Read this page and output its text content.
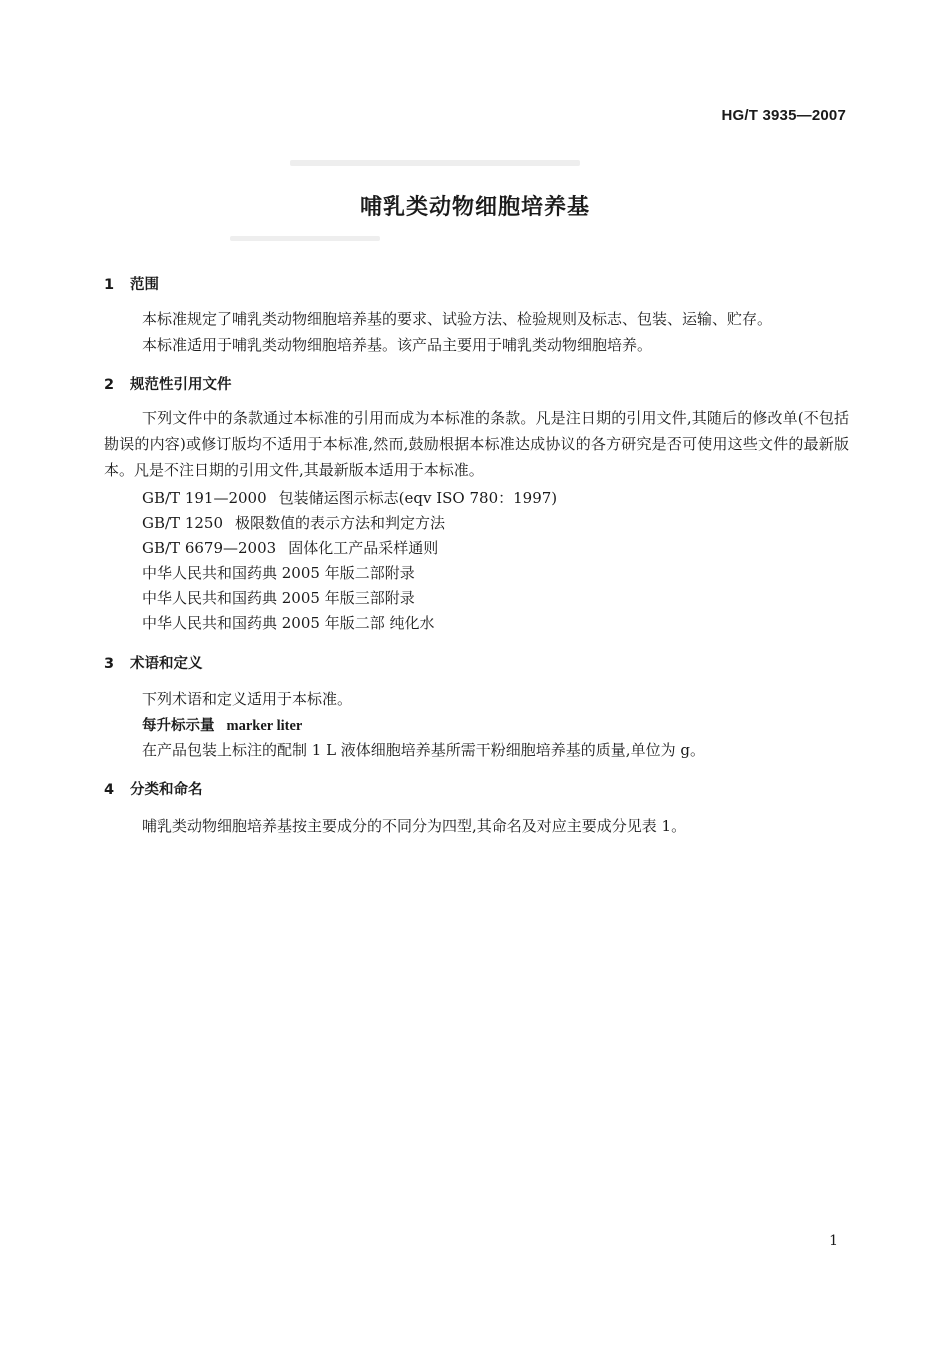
HG/T 3935—2007
哺乳类动物细胞培养基
1 范围
本标准规定了哺乳类动物细胞培养基的要求、试验方法、检验规则及标志、包装、运输、贮存。
本标准适用于哺乳类动物细胞培养基。该产品主要用于哺乳类动物细胞培养。
2 规范性引用文件
下列文件中的条款通过本标准的引用而成为本标准的条款。凡是注日期的引用文件,其随后的修改单(不包括勘误的内容)或修订版均不适用于本标准,然而,鼓励根据本标准达成协议的各方研究是否可使用这些文件的最新版本。凡是不注日期的引用文件,其最新版本适用于本标准。
GB/T 191—2000 包装储运图示标志(eqv ISO 780：1997)
GB/T 1250 极限数值的表示方法和判定方法
GB/T 6679—2003 固体化工产品采样通则
中华人民共和国药典 2005 年版二部附录
中华人民共和国药典 2005 年版三部附录
中华人民共和国药典 2005 年版二部 纯化水
3 术语和定义
下列术语和定义适用于本标准。
每升标示量 marker liter
在产品包装上标注的配制 1 L 液体细胞培养基所需干粉细胞培养基的质量,单位为 g。
4 分类和命名
哺乳类动物细胞培养基按主要成分的不同分为四型,其命名及对应主要成分见表 1。
1
